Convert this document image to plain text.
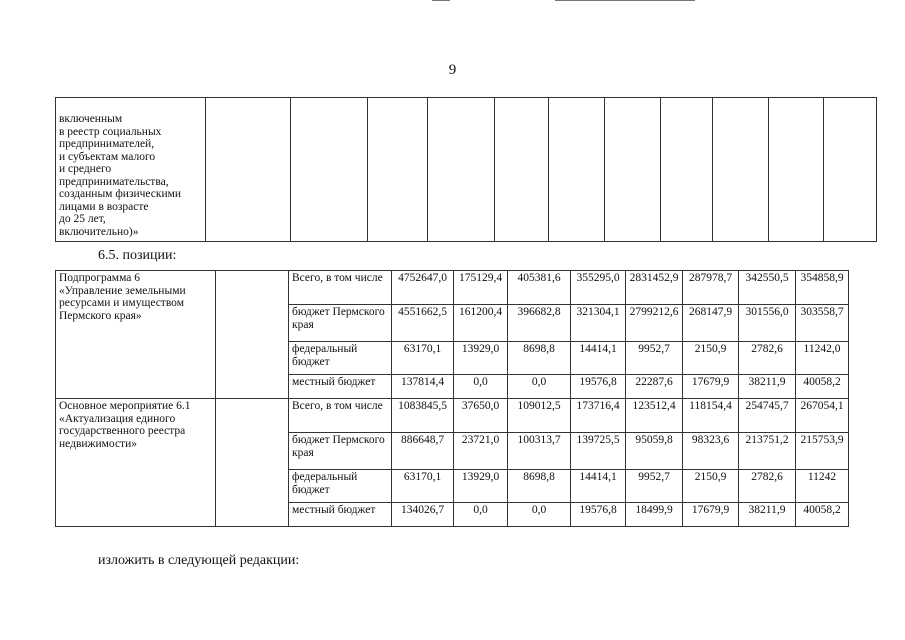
9
включенным
в реестр социальных
предпринимателей,
и субъектам малого
и среднего
предпринимательства,
созданным физическими
лицами в возрасте
до 25 лет,
включительно)»											
6.5. позиции:
Подпрограмма 6
«Управление земельными
ресурсами и имуществом
Пермского края»		Всего, в том числе	4752647,0	175129,4	405381,6	355295,0	2831452,9	287978,7	342550,5	354858,9
		бюджет Пермского края	4551662,5	161200,4	396682,8	321304,1	2799212,6	268147,9	301556,0	303558,7
		федеральный бюджет	63170,1	13929,0	8698,8	14414,1	9952,7	2150,9	2782,6	11242,0
		местный бюджет	137814,4	0,0	0,0	19576,8	22287,6	17679,9	38211,9	40058,2
Основное мероприятие 6.1
«Актуализация единого
государственного реестра
недвижимости»		Всего, в том числе	1083845,5	37650,0	109012,5	173716,4	123512,4	118154,4	254745,7	267054,1
		бюджет Пермского края	886648,7	23721,0	100313,7	139725,5	95059,8	98323,6	213751,2	215753,9
		федеральный бюджет	63170,1	13929,0	8698,8	14414,1	9952,7	2150,9	2782,6	11242
		местный бюджет	134026,7	0,0	0,0	19576,8	18499,9	17679,9	38211,9	40058,2
изложить в следующей редакции:
